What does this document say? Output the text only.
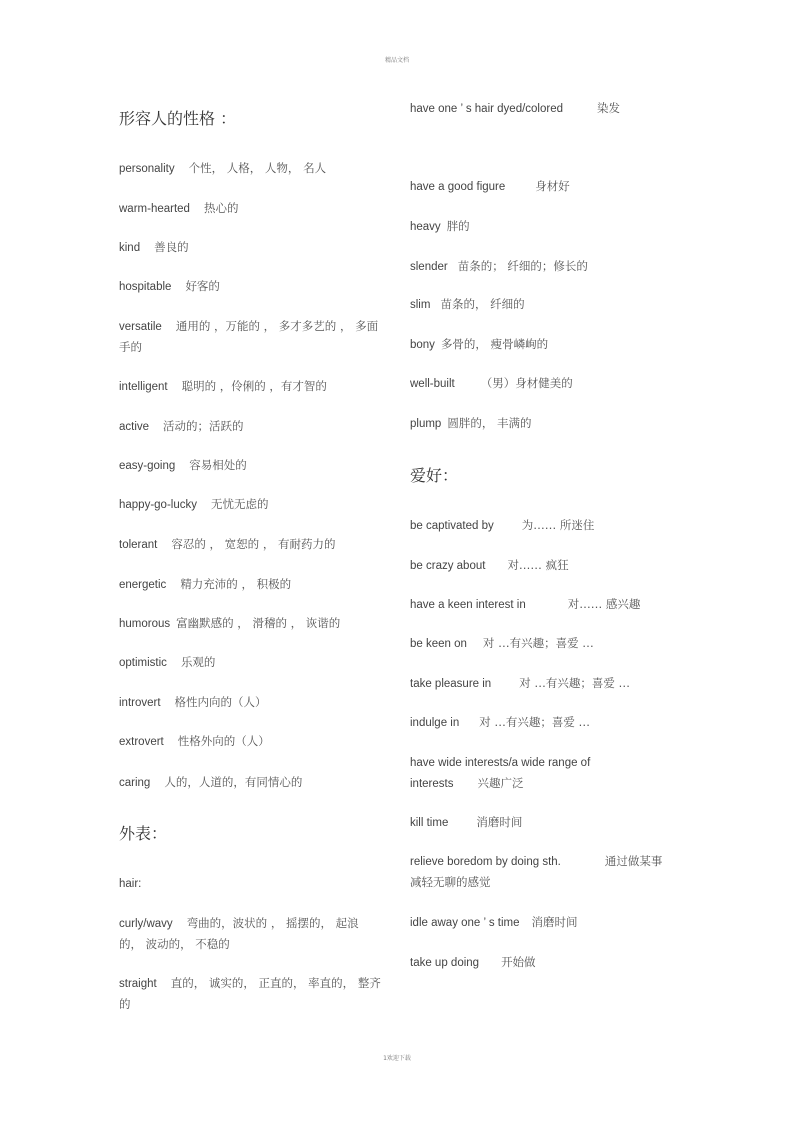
精品文档
形容人的性格 ：
personality 个性， 人格， 人物， 名人
warm-hearted 热心的
kind 善良的
hospitable 好客的
versatile 通用的 ，万能的 ， 多才多艺的 ， 多面手的
intelligent 聪明的 ，伶俐的 ，有才智的
active 活动的；活跃的
easy-going 容易相处的
happy-go-lucky 无忧无虑的
tolerant 容忍的 ， 宽恕的 ， 有耐药力的
energetic 精力充沛的 ， 积极的
humorous 富幽默感的 ， 滑稽的 ， 诙谐的
optimistic 乐观的
introvert 格性内向的（人）
extrovert 性格外向的（人）
caring 人的，人道的，有同情心的
外表：
hair:
curly/wavy 弯曲的，波状的 ， 摇摆的， 起浪的， 波动的， 不稳的
straight 直的， 诚实的， 正直的， 率直的， 整齐的
have one ’ s hair dyed/colored	染发
have a good figure	身材好
heavy 胖的
slender 苗条的； 纤细的；修长的
slim 苗条的， 纤细的
bony 多骨的， 瘦骨嶙峋的
well-built （男）身材健美的
plump 圆胖的， 丰满的
爱好：
be captivated by 为…… 所迷住
be crazy about 对…… 疯狂
have a keen interest in	对…… 感兴趣
be keen on 对 …有兴趣；喜爱 …
take pleasure in 对 …有兴趣；喜爱 …
indulge in 对 …有兴趣；喜爱 …
have wide interests/a wide range of interests 兴趣广泛
kill time 消磨时间
relieve boredom by doing sth.	通过做某事减轻无聊的感觉
idle away one ’ s time 消磨时间
take up doing 开始做
1欢迎下载
